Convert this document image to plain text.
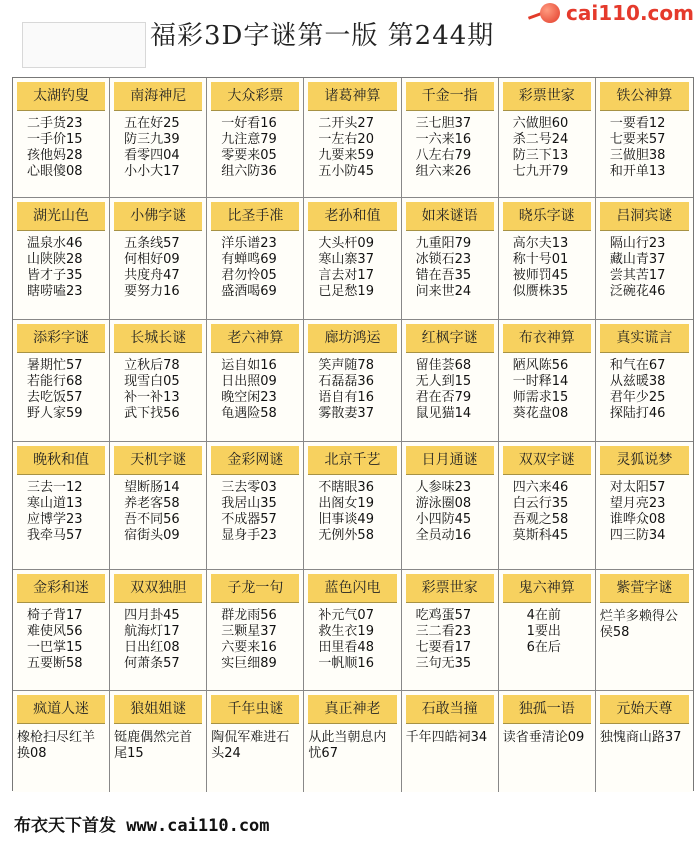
福彩3D字谜第一版 第244期
cai110.com
太湖钓叟
二手货23
一手价15
孩他妈28
心眼傻08
南海神尼
五在好25
防三九39
看零四04
小小大17
大众彩票
一好看16
九注意79
零要来05
组六防36
诸葛神算
二开头27
一左右20
九要来59
五小防45
千金一指
三七胆37
一六来16
八左右79
组六来26
彩票世家
六做胆60
杀二号24
防三下13
七九开79
铁公神算
一要看12
七要来57
三做胆38
和开单13
湖光山色
温泉水46
山陕陕28
皆才子35
瞎唠嗑23
小佛字谜
五条线57
何相好09
共度舟47
要努力16
比圣手准
洋乐谱23
有蝉鸣69
君勿怜05
盛酒喝69
老孙和值
大头杆09
寒山寨37
言去对17
已足愁19
如来谜语
九重阳79
冰锁石23
错在吾35
问来世24
晓乐字谜
高尔夫13
称十号01
被师罚45
似赝株35
吕洞宾谜
隔山行23
藏山青37
尝其苦17
泛碗花46
添彩字谜
暑期忙57
若能行68
去吃饭57
野人家59
长城长谜
立秋后78
现雪白05
补一补13
武下找56
老六神算
运自如16
日出照09
晚空闲23
龟遇险58
廊坊鸿运
笑声随78
石磊磊36
语自有16
雾散妻37
红枫字谜
留佳荟68
无人到15
君在否79
鼠见猫14
布衣神算
陋风陈56
一时释14
师需求15
葵花盘08
真实谎言
和气在67
从兹暖38
君年少25
探陆打46
晚秋和值
三去一12
寒山道13
应博学23
我牵马57
天机字谜
望断肠14
养老客58
吾不同56
宿街头09
金彩网谜
三去零03
我居山35
不成器57
显身手23
北京千艺
不瞎眼36
出阁女19
旧事谈49
无例外58
日月通谜
人参味23
游泳圈08
小四防45
全员动16
双双字谜
四六来46
白云行35
吾观之58
莫斯科45
灵狐说梦
对太阳57
望月亮23
谁哗众08
四三防34
金彩和迷
椅子背17
难使风56
一巴掌15
五要断58
双双独胆
四月卦45
航海灯17
日出红08
何萧条57
子龙一句
群龙雨56
三颗星37
六要来16
实巨细89
蓝色闪电
补元气07
救生衣19
田里看48
一帆顺16
彩票世家
吃鸡蛋57
三二看23
七要看17
三句无35
鬼六神算
4在前
1要出
6在后
紫萱字谜
烂羊多赖得公侯58
疯道人迷
橡枪扫尽红羊换08
狼姐姐谜
铤鹿偶然完首尾15
千年虫谜
陶侃军难进石头24
真正神老
从此当朝息内忧67
石敢当撞
千年四皓祠34
独孤一语
读省垂清论09
元始天尊
独愧商山路37
布衣天下首发 www.cai110.com
